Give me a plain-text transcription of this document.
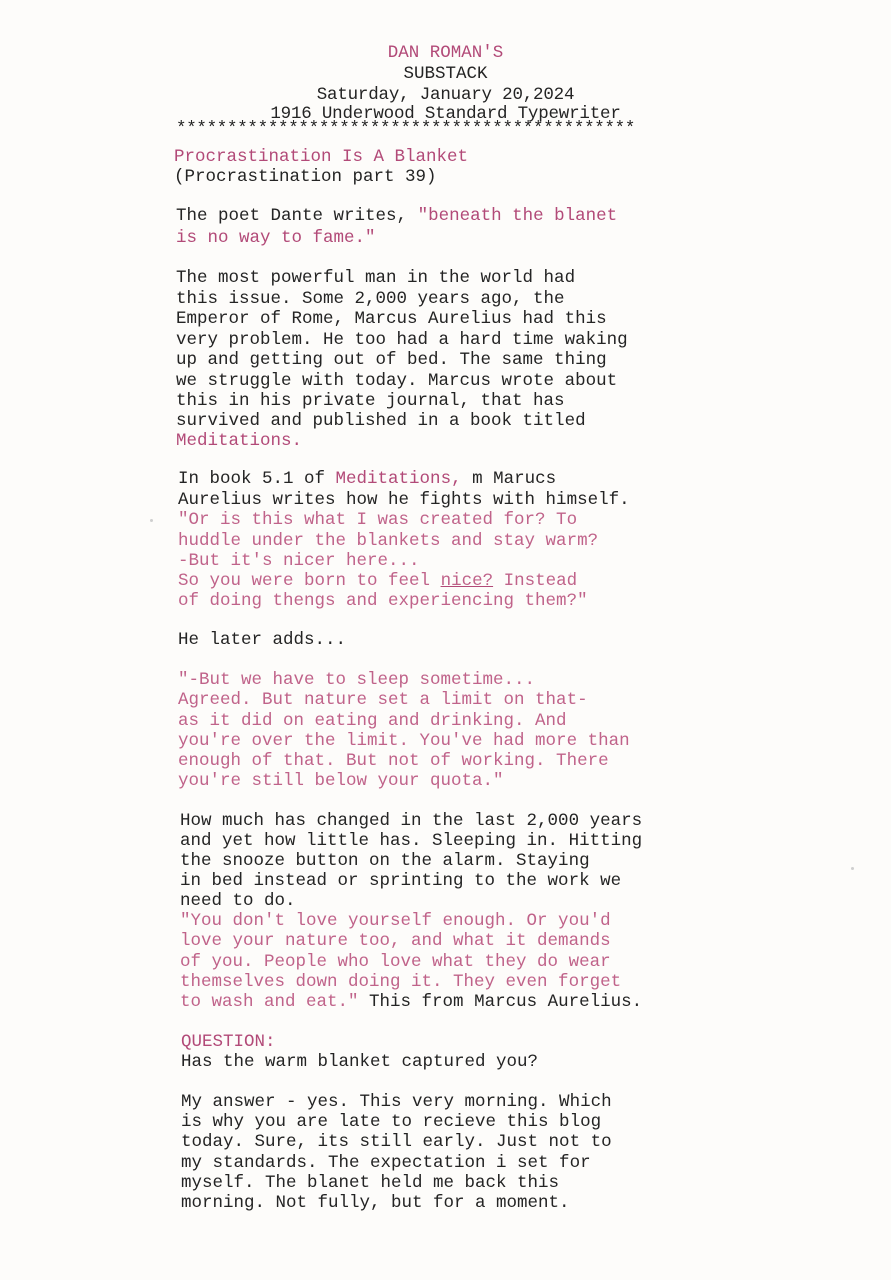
DAN ROMAN'S
SUBSTACK
Saturday, January 20,2024
1916 Underwood Standard Typewriter
*********************************************
Procrastination Is A Blanket
(Procrastination part 39)
The poet Dante writes, "beneath the blanet
is no way to fame."
The most powerful man in the world had
this issue. Some 2,000 years ago, the
Emperor of Rome, Marcus Aurelius had this
very problem. He too had a hard time waking
up and getting out of bed. The same thing
we struggle with today. Marcus wrote about
this in his private journal, that has
survived and published in a book titled
Meditations.
In book 5.1 of Meditations, m Marucs
Aurelius writes how he fights with himself.
"Or is this what I was created for? To
huddle under the blankets and stay warm?
-But it's nicer here...
So you were born to feel nice? Instead
of doing thengs and experiencing them?"
He later adds...
"-But we have to sleep sometime...
Agreed. But nature set a limit on that-
as it did on eating and drinking. And
you're over the limit. You've had more than
enough of that. But not of working. There
you're still below your quota."
How much has changed in the last 2,000 years
and yet how little has. Sleeping in. Hitting
the snooze button on the alarm. Staying
in bed instead or sprinting to the work we
need to do.
"You don't love yourself enough. Or you'd
love your nature too, and what it demands
of you. People who love what they do wear
themselves down doing it. They even forget
to wash and eat." This from Marcus Aurelius.
QUESTION:
Has the warm blanket captured you?
My answer - yes. This very morning. Which
is why you are late to recieve this blog
today. Sure, its still early. Just not to
my standards. The expectation i set for
myself. The blanet held me back this
morning. Not fully, but for a moment.
